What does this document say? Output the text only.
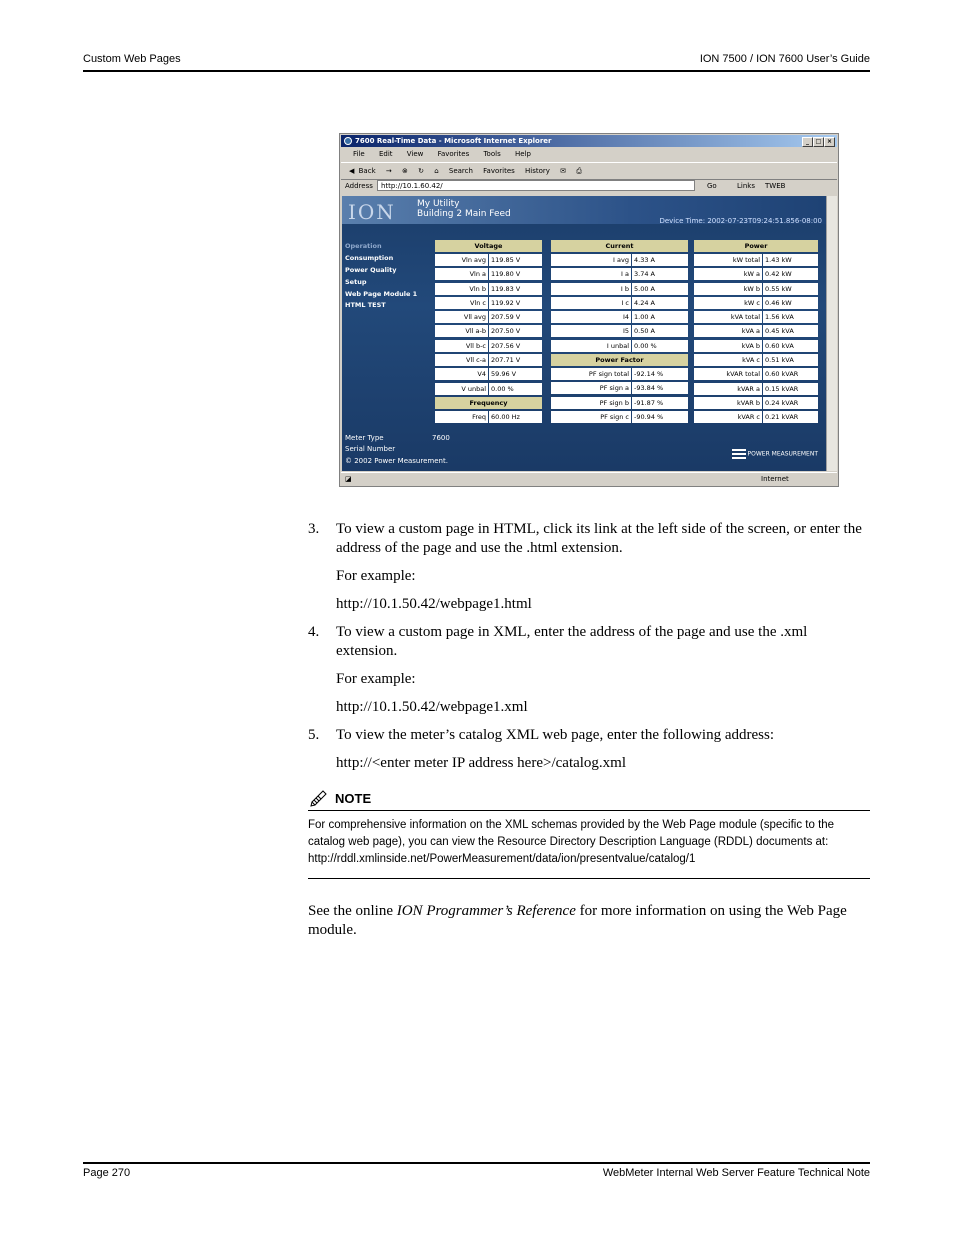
Custom Web Pages	ION 7500 / ION 7600 User’s Guide
7600 Real-Time Data - Microsoft Internet Explorer	_	□ ×
File Edit View Favorites Tools Help
◀ Back → ⊗ ↻ ⌂ Search Favorites History ✉ ⎙
Address	http://10.1.60.42/	Go	Links TWEB
ION My Utility
Building 2 Main Feed
Device Time: 2002-07-23T09:24:51.856-08:00
Operation
Consumption
Power Quality
Setup
Web Page Module 1
HTML TEST
Voltage
Vln avg 119.85 V
Vln a 119.80 V
Vln b 119.83 V
Vln c 119.92 V
Vll avg 207.59 V
Vll a-b 207.50 V
Vll b-c 207.56 V
Vll c-a 207.71 V
V4 59.96 V
V unbal 0.00 %
Frequency
Freq 60.00 Hz
Current
I avg 4.33 A
I a 3.74 A
I b 5.00 A
I c 4.24 A
I4 1.00 A
I5 0.50 A
I unbal 0.00 %
Power Factor
PF sign total -92.14 %
PF sign a -93.84 %
PF sign b -91.87 %
PF sign c -90.94 %
Power
kW total 1.43 kW
kW a 0.42 kW
kW b 0.55 kW
kW c 0.46 kW
kVA total 1.56 kVA
kVA a 0.45 kVA
kVA b 0.60 kVA
kVA c 0.51 kVA
kVAR total 0.60 kVAR
kVAR a 0.15 kVAR
kVAR b 0.24 kVAR
kVAR c 0.21 kVAR
Meter Type	7600
Serial Number
© 2002 Power Measurement.
POWER MEASUREMENT
◪	Internet
3. To view a custom page in HTML, click its link at the left side of the screen, or enter the address of the page and use the .html extension.
For example:
http://10.1.50.42/webpage1.html
4. To view a custom page in XML, enter the address of the page and use the .xml extension.
For example:
http://10.1.50.42/webpage1.xml
5. To view the meter’s catalog XML web page, enter the following address:
http://<enter meter IP address here>/catalog.xml
NOTE
For comprehensive information on the XML schemas provided by the Web Page module (specific to the catalog web page), you can view the Resource Directory Description Language (RDDL) documents at: http://rddl.xmlinside.net/PowerMeasurement/data/ion/presentvalue/catalog/1
See the online ION Programmer’s Reference for more information on using the Web Page module.
Page 270	WebMeter Internal Web Server Feature Technical Note
